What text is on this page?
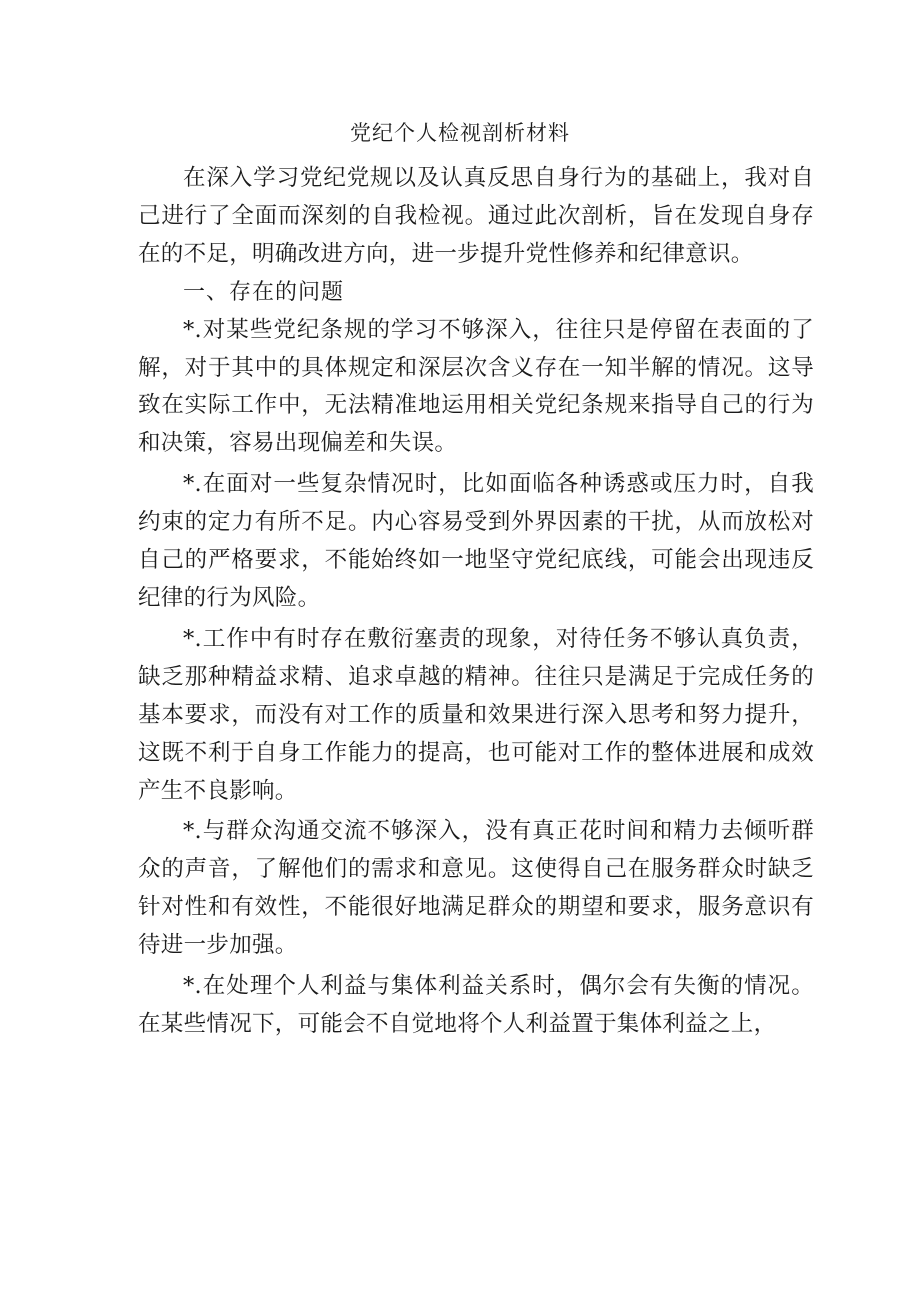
党纪个人检视剖析材料

在深入学习党纪党规以及认真反思自身行为的基础上，我对自己进行了全面而深刻的自我检视。通过此次剖析，旨在发现自身存在的不足，明确改进方向，进一步提升党性修养和纪律意识。

一、存在的问题

*.对某些党纪条规的学习不够深入，往往只是停留在表面的了解，对于其中的具体规定和深层次含义存在一知半解的情况。这导致在实际工作中，无法精准地运用相关党纪条规来指导自己的行为和决策，容易出现偏差和失误。

*.在面对一些复杂情况时，比如面临各种诱惑或压力时，自我约束的定力有所不足。内心容易受到外界因素的干扰，从而放松对自己的严格要求，不能始终如一地坚守党纪底线，可能会出现违反纪律的行为风险。

*.工作中有时存在敷衍塞责的现象，对待任务不够认真负责，缺乏那种精益求精、追求卓越的精神。往往只是满足于完成任务的基本要求，而没有对工作的质量和效果进行深入思考和努力提升，这既不利于自身工作能力的提高，也可能对工作的整体进展和成效产生不良影响。

*.与群众沟通交流不够深入，没有真正花时间和精力去倾听群众的声音，了解他们的需求和意见。这使得自己在服务群众时缺乏针对性和有效性，不能很好地满足群众的期望和要求，服务意识有待进一步加强。

*.在处理个人利益与集体利益关系时，偶尔会有失衡的情况。在某些情况下，可能会不自觉地将个人利益置于集体利益之上，
